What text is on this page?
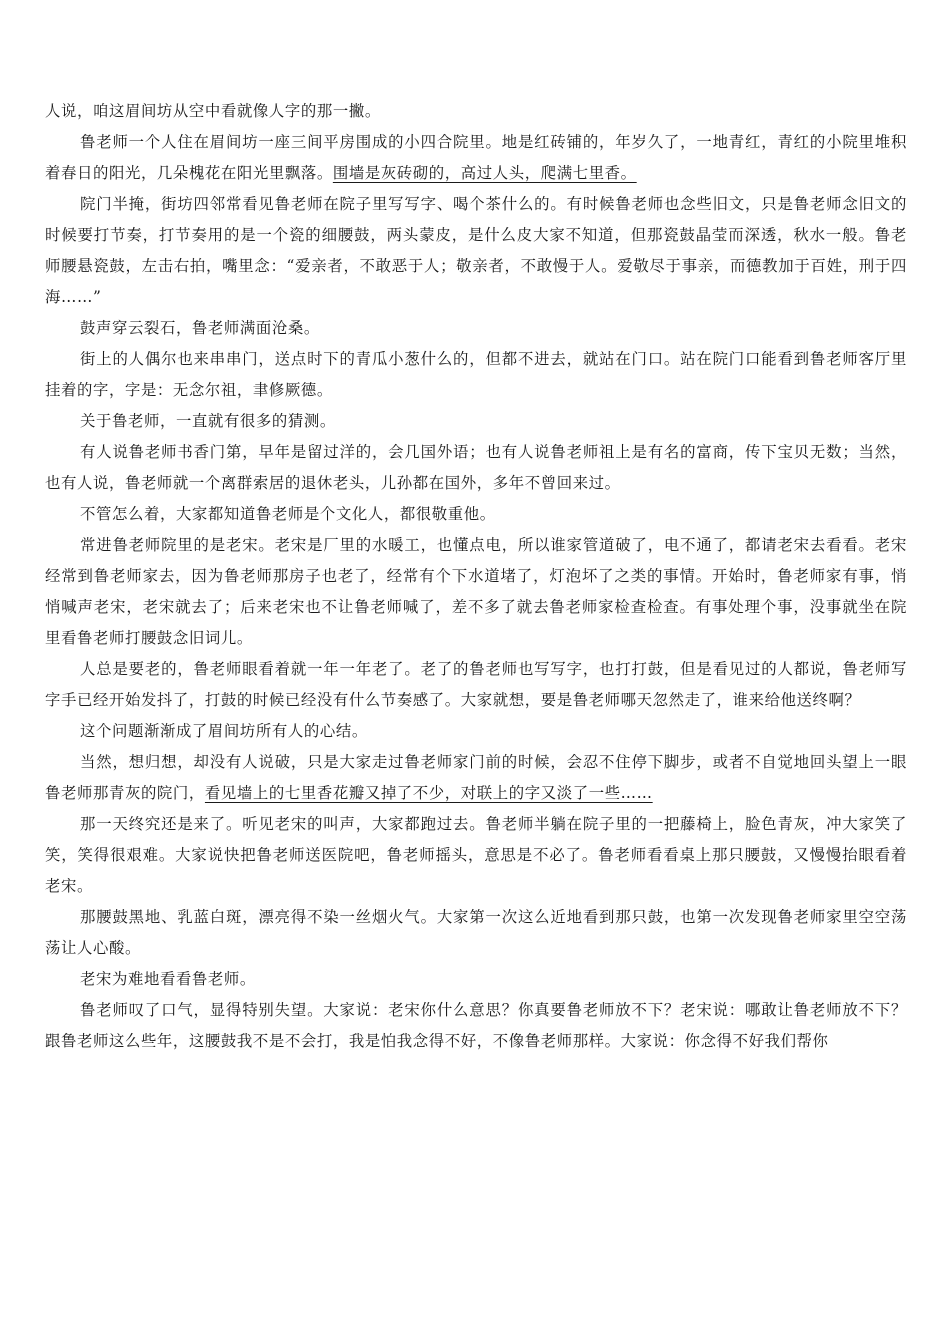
人说，咱这眉间坊从空中看就像人字的那一撇。

鲁老师一个人住在眉间坊一座三间平房围成的小四合院里。地是红砖铺的，年岁久了，一地青红，青红的小院里堆积着春日的阳光，几朵槐花在阳光里飘落。围墙是灰砖砌的，高过人头，爬满七里香。

院门半掩，街坊四邻常看见鲁老师在院子里写写字、喝个茶什么的。有时候鲁老师也念些旧文，只是鲁老师念旧文的时候要打节奏，打节奏用的是一个瓷的细腰鼓，两头蒙皮，是什么皮大家不知道，但那瓷鼓晶莹而深透，秋水一般。鲁老师腰悬瓷鼓，左击右拍，嘴里念：“爱亲者，不敢恶于人；敬亲者，不敢慢于人。爱敬尽于事亲，而德教加于百姓，刑于四海……”

鼓声穿云裂石，鲁老师满面沧桑。

街上的人偶尔也来串串门，送点时下的青瓜小葱什么的，但都不进去，就站在门口。站在院门口能看到鲁老师客厅里挂着的字，字是：无念尔祖，聿修厥德。

关于鲁老师，一直就有很多的猜测。

有人说鲁老师书香门第，早年是留过洋的，会几国外语；也有人说鲁老师祖上是有名的富商，传下宝贝无数；当然，也有人说，鲁老师就一个离群索居的退休老头，儿孙都在国外，多年不曾回来过。

不管怎么着，大家都知道鲁老师是个文化人，都很敬重他。

常进鲁老师院里的是老宋。老宋是厂里的水暖工，也懂点电，所以谁家管道破了，电不通了，都请老宋去看看。老宋经常到鲁老师家去，因为鲁老师那房子也老了，经常有个下水道堵了，灯泡坏了之类的事情。开始时，鲁老师家有事，悄悄喊声老宋，老宋就去了；后来老宋也不让鲁老师喊了，差不多了就去鲁老师家检查检查。有事处理个事，没事就坐在院里看鲁老师打腰鼓念旧词儿。

人总是要老的，鲁老师眼看着就一年一年老了。老了的鲁老师也写写字，也打打鼓，但是看见过的人都说，鲁老师写字手已经开始发抖了，打鼓的时候已经没有什么节奏感了。大家就想，要是鲁老师哪天忽然走了，谁来给他送终啊？

这个问题渐渐成了眉间坊所有人的心结。

当然，想归想，却没有人说破，只是大家走过鲁老师家门前的时候，会忍不住停下脚步，或者不自觉地回头望上一眼鲁老师那青灰的院门，看见墙上的七里香花瓣又掉了不少，对联上的字又淡了一些……

那一天终究还是来了。听见老宋的叫声，大家都跑过去。鲁老师半躺在院子里的一把藤椅上，脸色青灰，冲大家笑了笑，笑得很艰难。大家说快把鲁老师送医院吧，鲁老师摇头，意思是不必了。鲁老师看看桌上那只腰鼓，又慢慢抬眼看着老宋。

那腰鼓黑地、乳蓝白斑，漂亮得不染一丝烟火气。大家第一次这么近地看到那只鼓，也第一次发现鲁老师家里空空荡荡让人心酸。

老宋为难地看看鲁老师。

鲁老师叹了口气，显得特别失望。大家说：老宋你什么意思？你真要鲁老师放不下？老宋说：哪敢让鲁老师放不下？跟鲁老师这么些年，这腰鼓我不是不会打，我是怕我念得不好，不像鲁老师那样。大家说：你念得不好我们帮你
